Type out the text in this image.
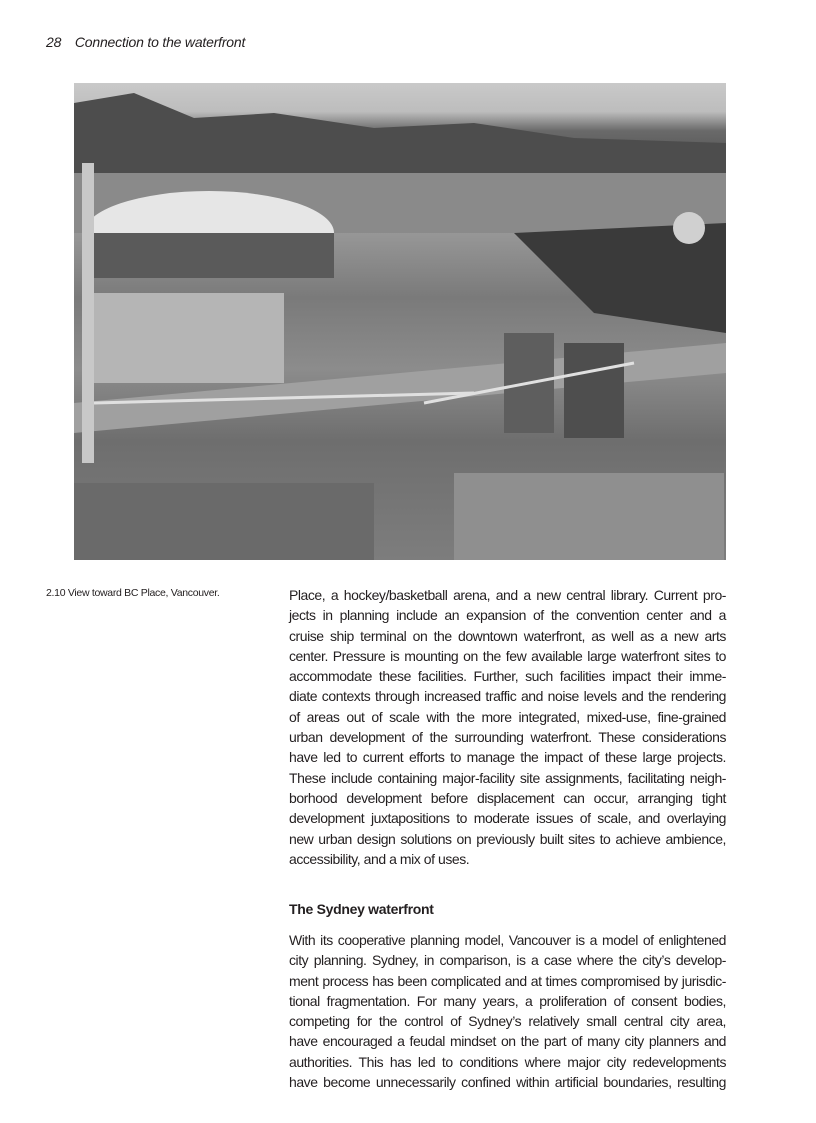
28 Connection to the waterfront
2.10 View toward BC Place, Vancouver.	Place, a hockey/basketball arena, and a new central library. Current pro-
jects in planning include an expansion of the convention center and a
cruise ship terminal on the downtown waterfront, as well as a new arts
center. Pressure is mounting on the few available large waterfront sites to
accommodate these facilities. Further, such facilities impact their imme-
diate contexts through increased traffic and noise levels and the rendering
of areas out of scale with the more integrated, mixed-use, fine-grained
urban development of the surrounding waterfront. These considerations
have led to current efforts to manage the impact of these large projects.
These include containing major-facility site assignments, facilitating neigh-
borhood development before displacement can occur, arranging tight
development juxtapositions to moderate issues of scale, and overlaying
new urban design solutions on previously built sites to achieve ambience,
accessibility, and a mix of uses.
The Sydney waterfront
With its cooperative planning model, Vancouver is a model of enlightened
city planning. Sydney, in comparison, is a case where the city’s develop-
ment process has been complicated and at times compromised by jurisdic-
tional fragmentation. For many years, a proliferation of consent bodies,
competing for the control of Sydney’s relatively small central city area,
have encouraged a feudal mindset on the part of many city planners and
authorities. This has led to conditions where major city redevelopments
have become unnecessarily confined within artificial boundaries, resulting
